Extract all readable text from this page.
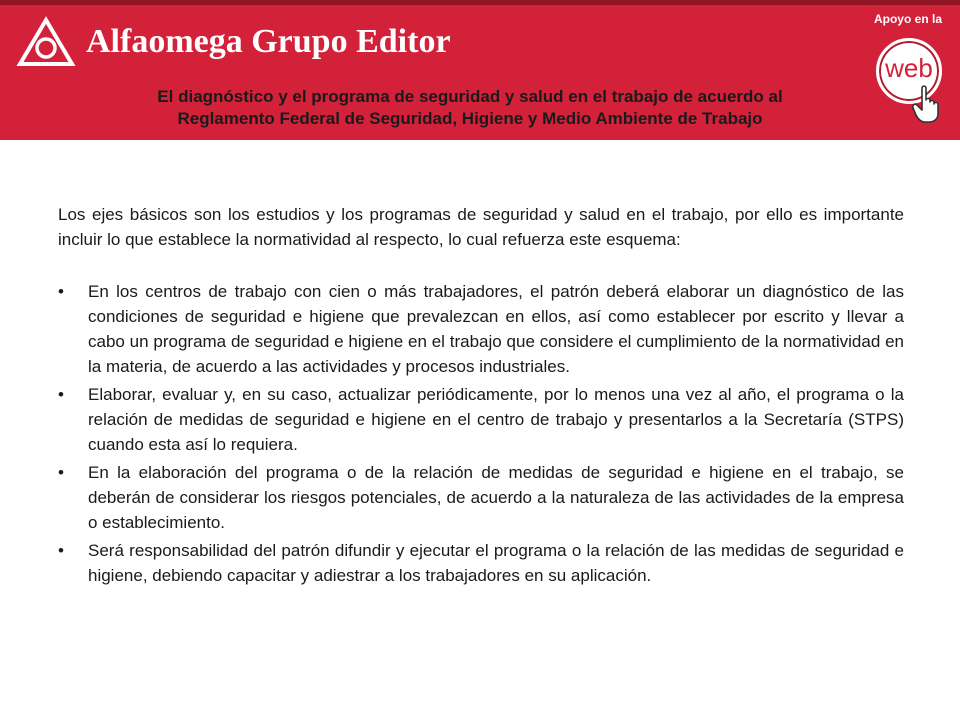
Alfaomega Grupo Editor
El diagnóstico y el programa de seguridad y salud en el trabajo de acuerdo al
Reglamento Federal de Seguridad, Higiene y Medio Ambiente de Trabajo
Apoyo en la
web

Los ejes básicos son los estudios y los programas de seguridad y salud en el trabajo, por ello es importante incluir lo que establece la normatividad al respecto, lo cual refuerza este esquema:

•	En los centros de trabajo con cien o más trabajadores, el patrón deberá elaborar un diagnóstico de las condiciones de seguridad e higiene que prevalezcan en ellos, así como establecer por escrito y llevar a cabo un programa de seguridad e higiene en el trabajo que considere el cumplimiento de la normatividad en la materia, de acuerdo a las actividades y procesos industriales.
•	Elaborar, evaluar y, en su caso, actualizar periódicamente, por lo menos una vez al año, el programa o la relación de medidas de seguridad e higiene en el centro de trabajo y presentarlos a la Secretaría (STPS) cuando esta así lo requiera.
•	En la elaboración del programa o de la relación de medidas de seguridad e higiene en el trabajo, se deberán de considerar los riesgos potenciales, de acuerdo a la naturaleza de las actividades de la empresa o establecimiento.
•	Será responsabilidad del patrón difundir y ejecutar el programa o la relación de las medidas de seguridad e higiene, debiendo capacitar y adiestrar a los trabajadores en su aplicación.
